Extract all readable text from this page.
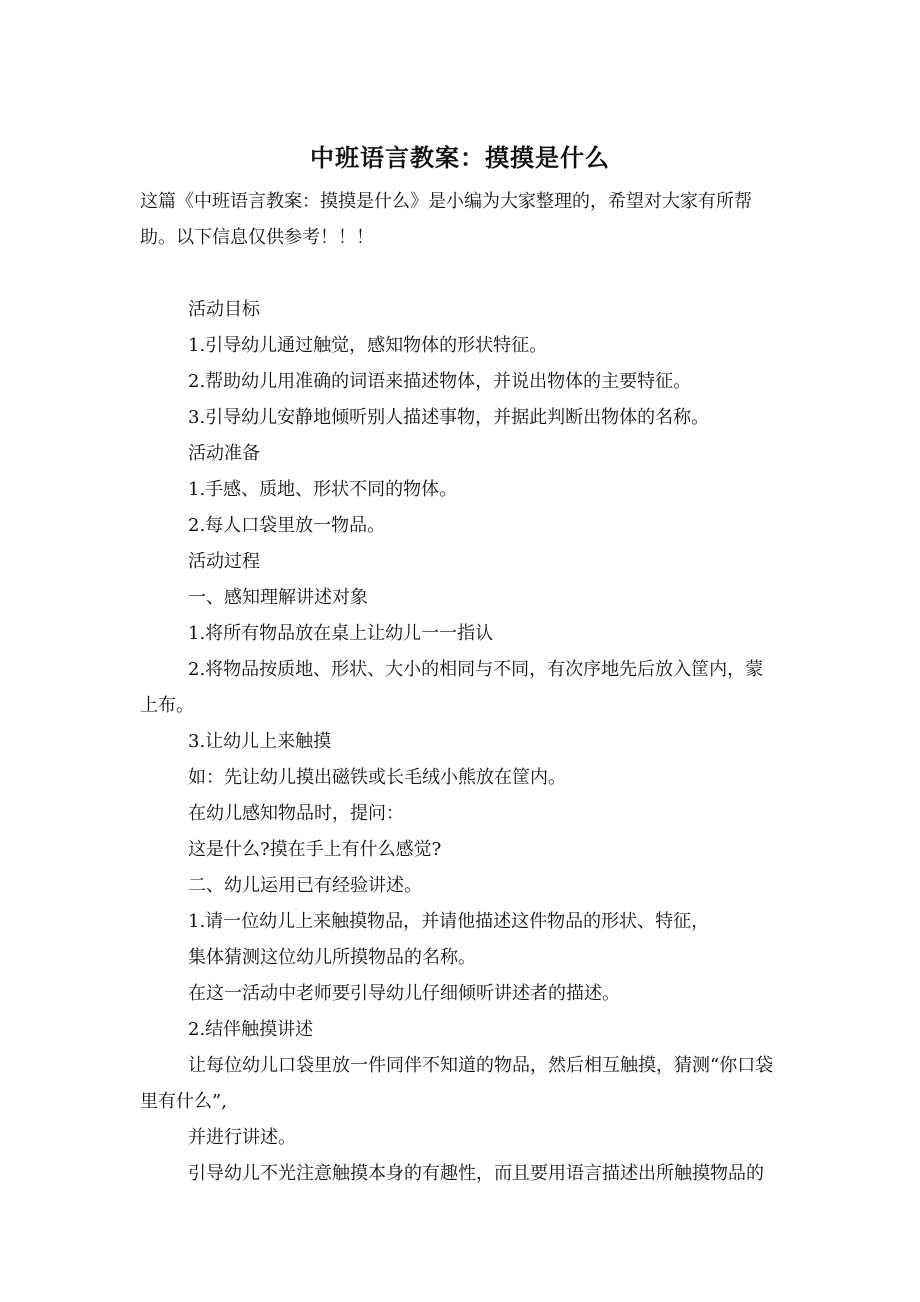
中班语言教案：摸摸是什么

这篇《中班语言教案：摸摸是什么》是小编为大家整理的，希望对大家有所帮助。以下信息仅供参考！！！

活动目标

1.引导幼儿通过触觉，感知物体的形状特征。

2.帮助幼儿用准确的词语来描述物体，并说出物体的主要特征。

3.引导幼儿安静地倾听别人描述事物，并据此判断出物体的名称。

活动准备

1.手感、质地、形状不同的物体。

2.每人口袋里放一物品。

活动过程

一、感知理解讲述对象

1.将所有物品放在桌上让幼儿一一指认

2.将物品按质地、形状、大小的相同与不同，有次序地先后放入筐内，蒙上布。

3.让幼儿上来触摸

如：先让幼儿摸出磁铁或长毛绒小熊放在筐内。

在幼儿感知物品时，提问：

这是什么?摸在手上有什么感觉?

二、幼儿运用已有经验讲述。

1.请一位幼儿上来触摸物品，并请他描述这件物品的形状、特征，

集体猜测这位幼儿所摸物品的名称。

在这一活动中老师要引导幼儿仔细倾听讲述者的描述。

2.结伴触摸讲述

让每位幼儿口袋里放一件同伴不知道的物品，然后相互触摸，猜测“你口袋里有什么”,

并进行讲述。

引导幼儿不光注意触摸本身的有趣性，而且要用语言描述出所触摸物品的
